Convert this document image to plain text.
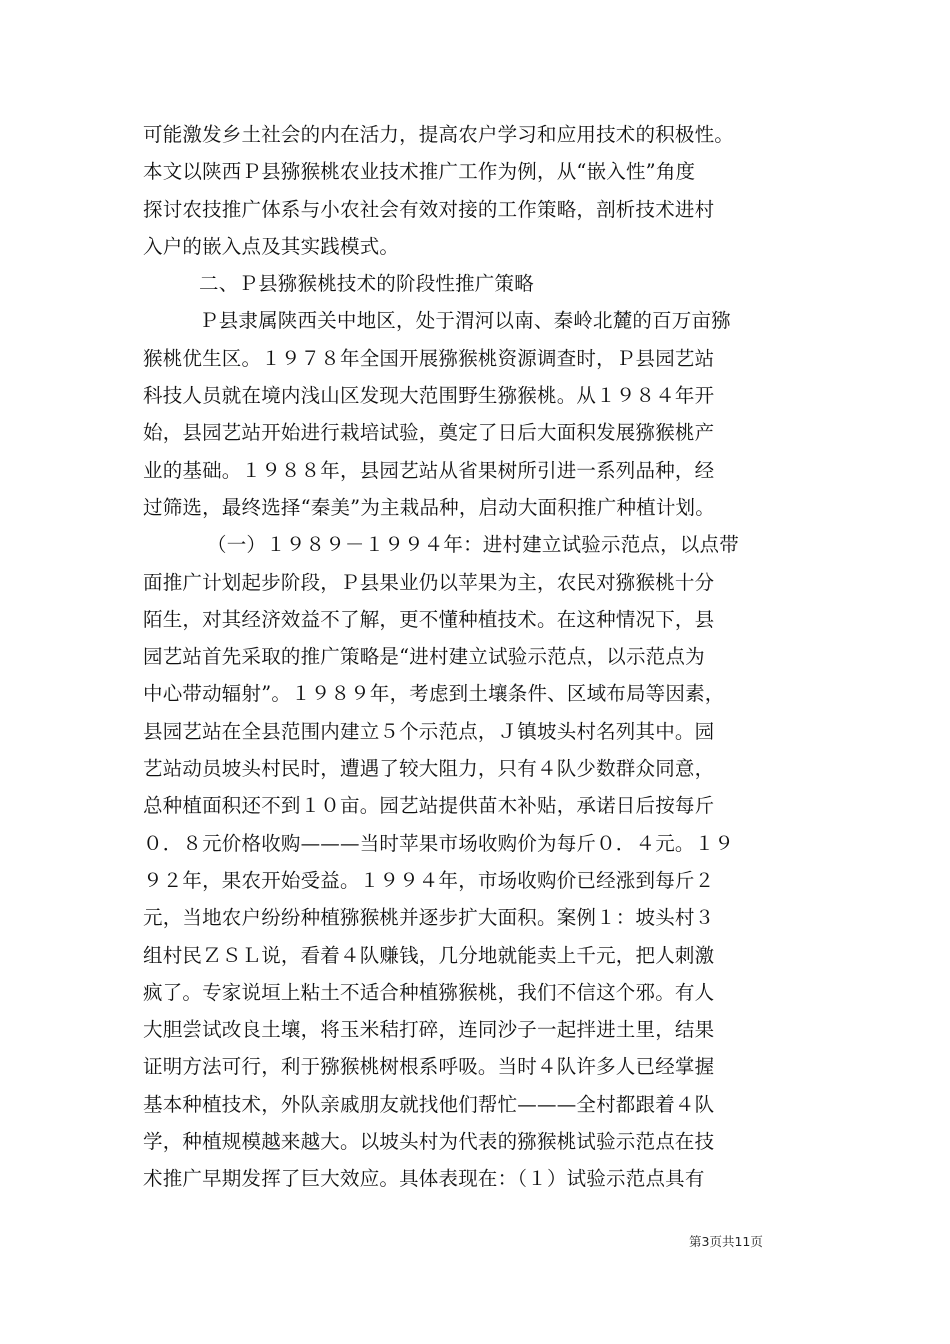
可能激发乡土社会的内在活力，提高农户学习和应用技术的积极性。
本文以陕西Ｐ县猕猴桃农业技术推广工作为例，从“嵌入性”角度
探讨农技推广体系与小农社会有效对接的工作策略，剖析技术进村
入户的嵌入点及其实践模式。
二、Ｐ县猕猴桃技术的阶段性推广策略
Ｐ县隶属陕西关中地区，处于渭河以南、秦岭北麓的百万亩猕
猴桃优生区。１９７８年全国开展猕猴桃资源调查时，Ｐ县园艺站
科技人员就在境内浅山区发现大范围野生猕猴桃。从１９８４年开
始，县园艺站开始进行栽培试验，奠定了日后大面积发展猕猴桃产
业的基础。１９８８年，县园艺站从省果树所引进一系列品种，经
过筛选，最终选择“秦美”为主栽品种，启动大面积推广种植计划。
（一）１９８９－１９９４年：进村建立试验示范点，以点带
面推广计划起步阶段，Ｐ县果业仍以苹果为主，农民对猕猴桃十分
陌生，对其经济效益不了解，更不懂种植技术。在这种情况下，县
园艺站首先采取的推广策略是“进村建立试验示范点，以示范点为
中心带动辐射”。１９８９年，考虑到土壤条件、区域布局等因素，
县园艺站在全县范围内建立５个示范点，Ｊ镇坡头村名列其中。园
艺站动员坡头村民时，遭遇了较大阻力，只有４队少数群众同意，
总种植面积还不到１０亩。园艺站提供苗木补贴，承诺日后按每斤
０．８元价格收购———当时苹果市场收购价为每斤０．４元。１９
９２年，果农开始受益。１９９４年，市场收购价已经涨到每斤２
元，当地农户纷纷种植猕猴桃并逐步扩大面积。案例１：坡头村３
组村民ＺＳＬ说，看着４队赚钱，几分地就能卖上千元，把人刺激
疯了。专家说垣上粘土不适合种植猕猴桃，我们不信这个邪。有人
大胆尝试改良土壤，将玉米秸打碎，连同沙子一起拌进土里，结果
证明方法可行，利于猕猴桃树根系呼吸。当时４队许多人已经掌握
基本种植技术，外队亲戚朋友就找他们帮忙———全村都跟着４队
学，种植规模越来越大。以坡头村为代表的猕猴桃试验示范点在技
术推广早期发挥了巨大效应。具体表现在：（１）试验示范点具有
第3页共11页
